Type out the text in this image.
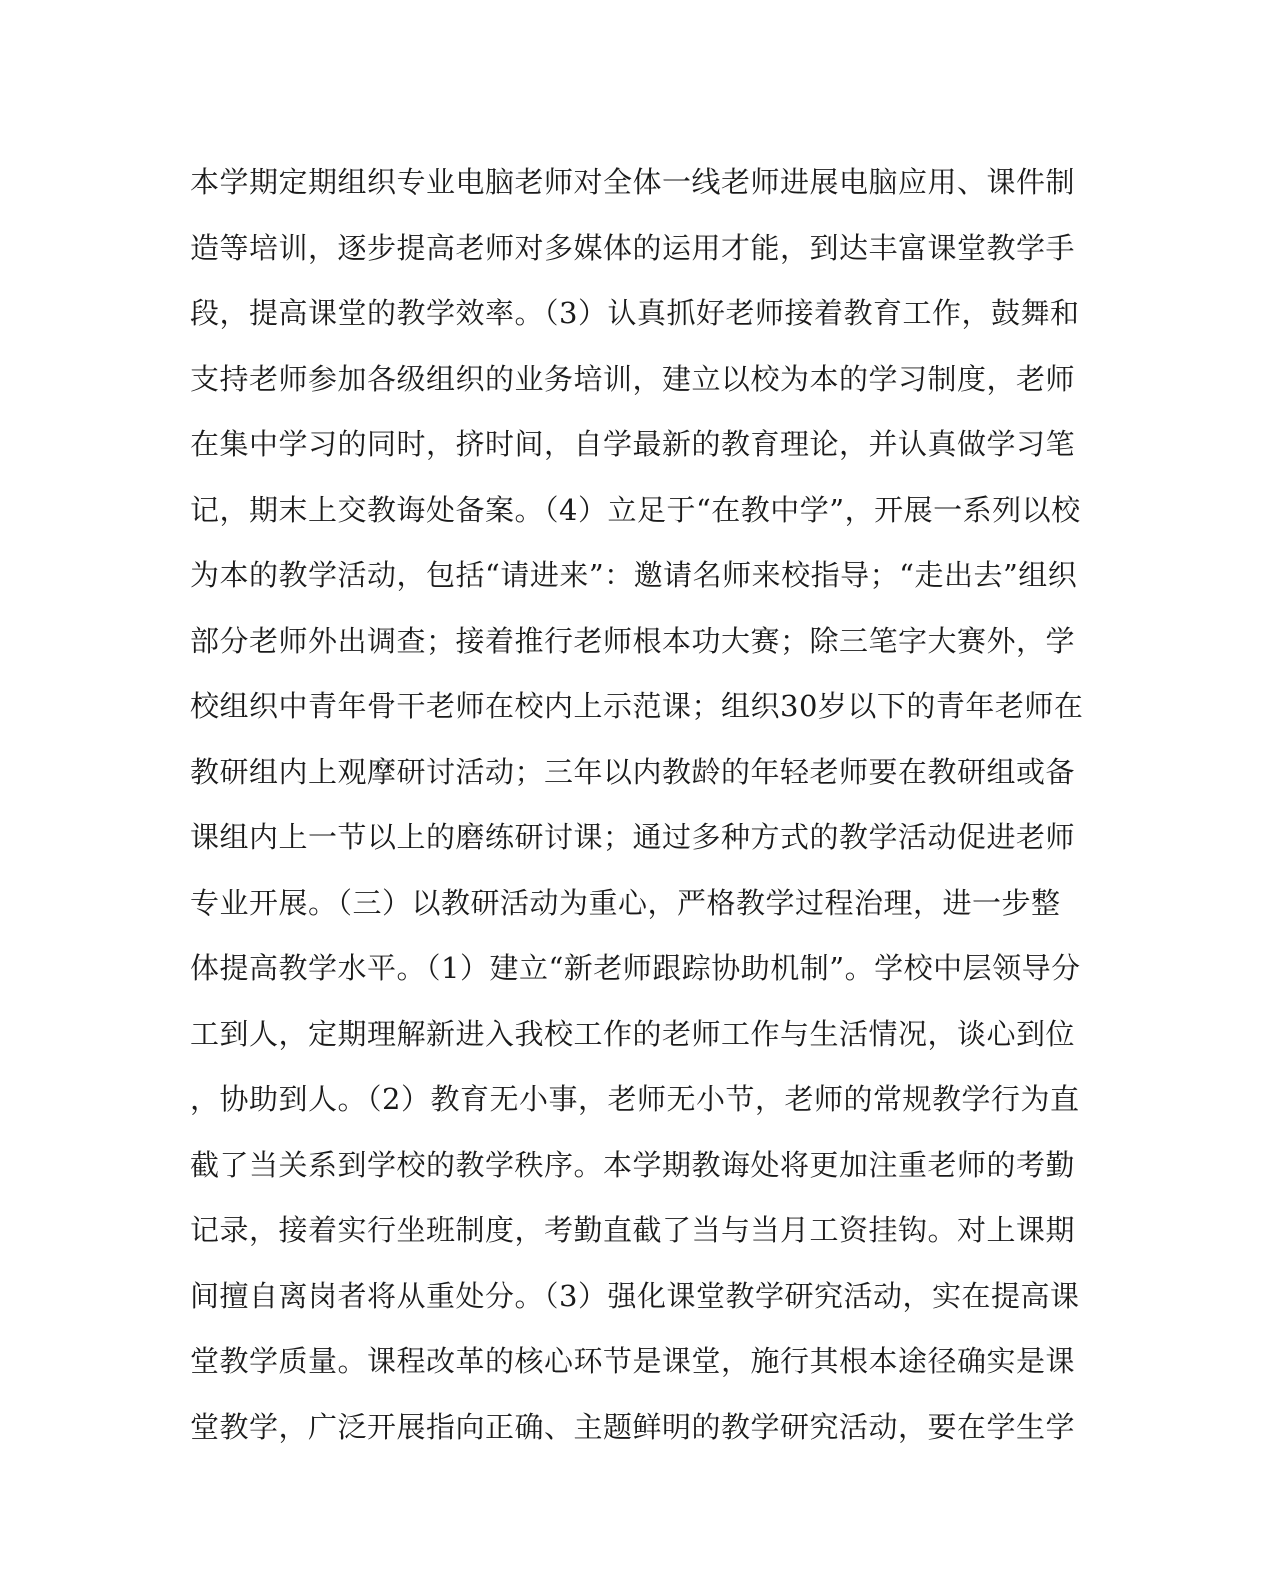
本学期定期组织专业电脑老师对全体一线老师进展电脑应用、课件制
造等培训，逐步提高老师对多媒体的运用才能，到达丰富课堂教学手
段，提高课堂的教学效率。（3）认真抓好老师接着教育工作，鼓舞和
支持老师参加各级组织的业务培训，建立以校为本的学习制度，老师
在集中学习的同时，挤时间，自学最新的教育理论，并认真做学习笔
记，期末上交教诲处备案。（4）立足于“在教中学”，开展一系列以校
为本的教学活动，包括“请进来”：邀请名师来校指导；“走出去”组织
部分老师外出调查；接着推行老师根本功大赛；除三笔字大赛外，学
校组织中青年骨干老师在校内上示范课；组织30岁以下的青年老师在
教研组内上观摩研讨活动；三年以内教龄的年轻老师要在教研组或备
课组内上一节以上的磨练研讨课；通过多种方式的教学活动促进老师
专业开展。（三）以教研活动为重心，严格教学过程治理，进一步整
体提高教学水平。（1）建立“新老师跟踪协助机制”。学校中层领导分
工到人，定期理解新进入我校工作的老师工作与生活情况，谈心到位
，协助到人。（2）教育无小事，老师无小节，老师的常规教学行为直
截了当关系到学校的教学秩序。本学期教诲处将更加注重老师的考勤
记录，接着实行坐班制度，考勤直截了当与当月工资挂钩。对上课期
间擅自离岗者将从重处分。（3）强化课堂教学研究活动，实在提高课
堂教学质量。课程改革的核心环节是课堂，施行其根本途径确实是课
堂教学，广泛开展指向正确、主题鲜明的教学研究活动，要在学生学
